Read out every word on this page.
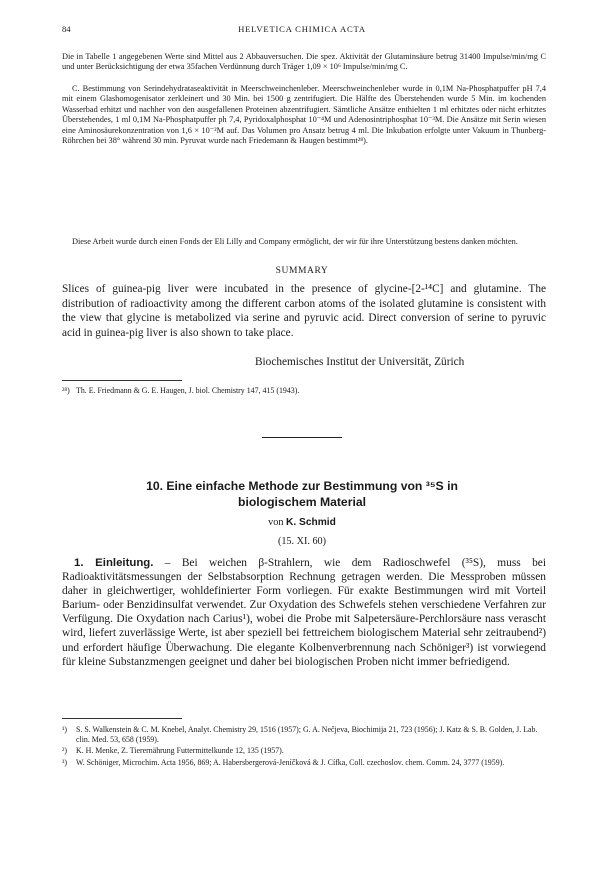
84	HELVETICA CHIMICA ACTA

Die in Tabelle 1 angegebenen Werte sind Mittel aus 2 Abbauversuchen. Die spez. Aktivität der Glutaminsäure betrug 31400 Impulse/min/mg C und unter Berücksichtigung der etwa 35fachen Verdünnung durch Träger 1,09 × 10⁶ Impulse/min/mg C.

C. Bestimmung von Serindehydrataseaktivität in Meerschweinchenleber. Meerschweinchenleber wurde in 0,1M Na-Phosphatpuffer pH 7,4 mit einem Glashomogenisator zerkleinert und 30 Min. bei 1500 g zentrifugiert. Die Hälfte des Überstehenden wurde 5 Min. im kochenden Wasserbad erhitzt und nachher von den ausgefallenen Proteinen abzentrifugiert. Sämtliche Ansätze enthielten 1 ml erhitztes oder nicht erhitztes Überstehendes, 1 ml 0,1M Na-Phosphatpuffer ph 7,4, Pyridoxalphosphat 10⁻⁴M und Adenosintriphosphat 10⁻³M. Die Ansätze mit Serin wiesen eine Aminosäurekonzentration von 1,6 × 10⁻²M auf. Das Volumen pro Ansatz betrug 4 ml. Die Inkubation erfolgte unter Vakuum in Thunberg-Röhrchen bei 38° während 30 min. Pyruvat wurde nach Friedemann & Haugen bestimmt²⁸).

Diese Arbeit wurde durch einen Fonds der Eli Lilly and Company ermöglicht, der wir für ihre Unterstützung bestens danken möchten.

SUMMARY

Slices of guinea-pig liver were incubated in the presence of glycine-[2-¹⁴C] and glutamine. The distribution of radioactivity among the different carbon atoms of the isolated glutamine is consistent with the view that glycine is metabolized via serine and pyruvic acid. Direct conversion of serine to pyruvic acid in guinea-pig liver is also shown to take place.

Biochemisches Institut der Universität, Zürich

²⁸) Th. E. Friedmann & G. E. Haugen, J. biol. Chemistry 147, 415 (1943).

10. Eine einfache Methode zur Bestimmung von ³⁵S in
biologischem Material
von K. Schmid
(15. XI. 60)

1. Einleitung. – Bei weichen β-Strahlern, wie dem Radioschwefel (³⁵S), muss bei Radioaktivitätsmessungen der Selbstabsorption Rechnung getragen werden. Die Messproben müssen daher in gleichwertiger, wohldefinierter Form vorliegen. Für exakte Bestimmungen wird mit Vorteil Barium- oder Benzidinsulfat verwendet. Zur Oxydation des Schwefels stehen verschiedene Verfahren zur Verfügung. Die Oxydation nach Carius¹), wobei die Probe mit Salpetersäure-Perchlorsäure nass verascht wird, liefert zuverlässige Werte, ist aber speziell bei fettreichem biologischem Material sehr zeitraubend²) und erfordert häufige Überwachung. Die elegante Kolbenverbrennung nach Schöniger³) ist vorwiegend für kleine Substanzmengen geeignet und daher bei biologischen Proben nicht immer befriedigend.

¹) S. S. Walkenstein & C. M. Knebel, Analyt. Chemistry 29, 1516 (1957); G. A. Nečjeva, Biochimija 21, 723 (1956); J. Katz & S. B. Golden, J. Lab. clin. Med. 53, 658 (1959).

²) K. H. Menke, Z. Tierernährung Futtermittelkunde 12, 135 (1957).

³) W. Schöniger, Microchim. Acta 1956, 869; A. Habersbergerová-Jeníčková & J. Cífka, Coll. czechoslov. chem. Comm. 24, 3777 (1959).
